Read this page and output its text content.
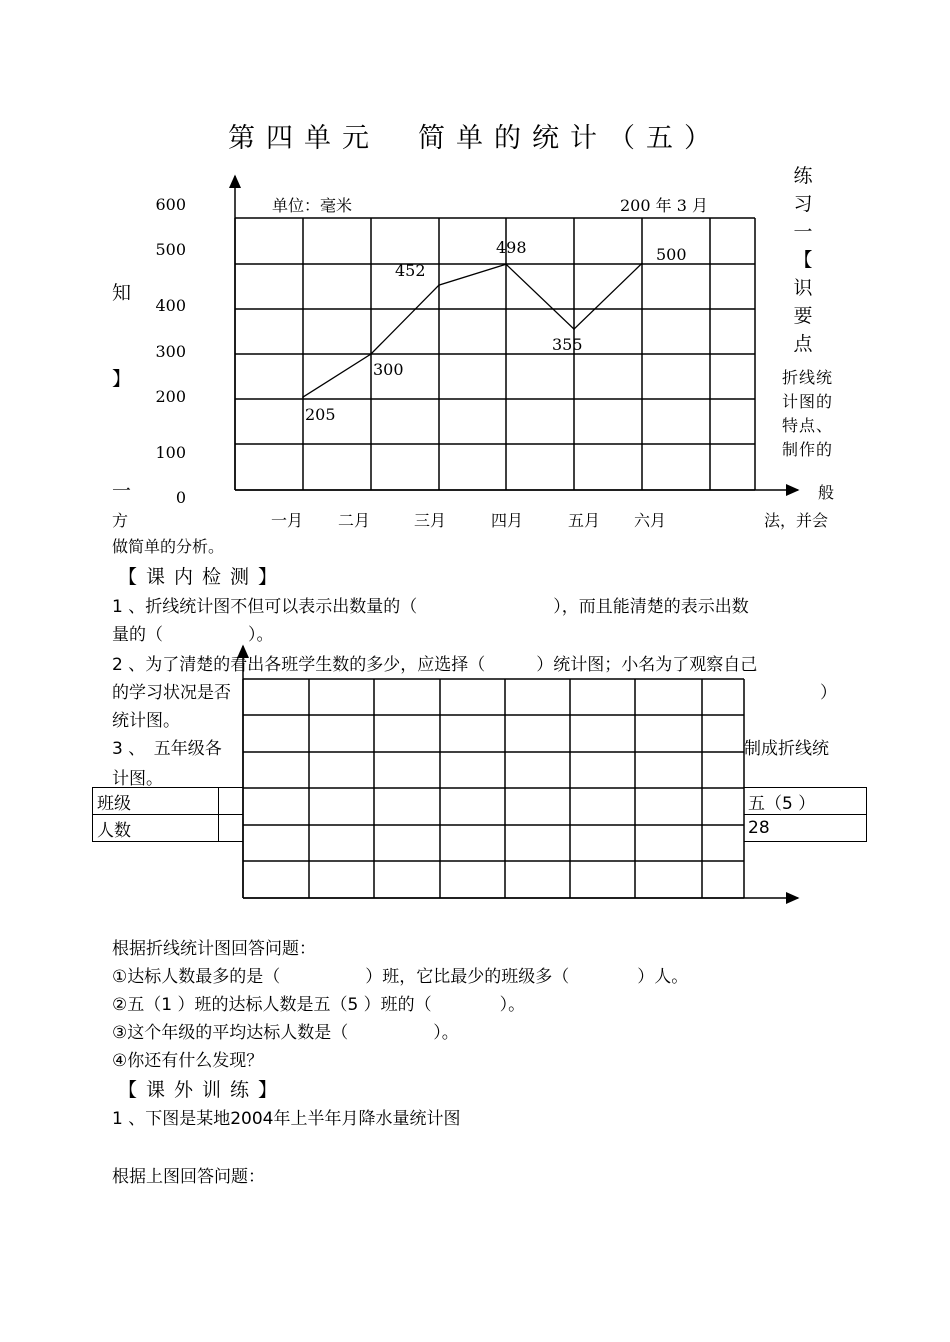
第四单元　简单的统计（五）
练
习
一
【
识
要
点
知
】
一
折线统
计图的
特点、
制作的
般
方	法，并会
做简单的分析。
单位：毫米	200 年 3 月
0
100
200
300
400
500
600
一月 二月	三月	四月	五月 六月
205
300
452
498
355
500
【课内检测】
1 、折线统计图不但可以表示出数量的（　　　　　　　　），而且能清楚的表示出数
量的（　　　　　）。
2 、为了清楚的看出各班学生数的多少，应选择（　　　）统计图；小名为了观察自己
的学习状况是否	）
统计图。
3 、　五年级各	制成折线统
计图。
班级		五（5 ）
人数		28
根据折线统计图回答问题：
①达标人数最多的是（　　　　　）班，它比最少的班级多（　　　　）人。
②五（1 ）班的达标人数是五（5 ）班的（　　　　）。
③这个年级的平均达标人数是（　　　　　）。
④你还有什么发现？
【课外训练】
1 、下图是某地2004年上半年月降水量统计图
根据上图回答问题：
